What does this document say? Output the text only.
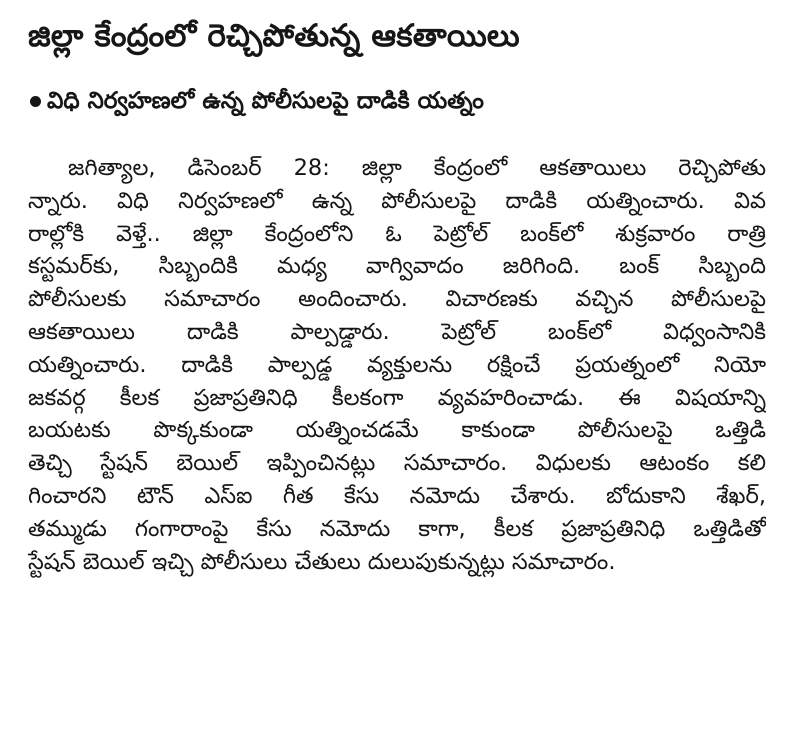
జిల్లా కేంద్రంలో రెచ్చిపోతున్న ఆకతాయిలు
విధి నిర్వహణలో ఉన్న పోలీసులపై దాడికి యత్నం
జగిత్యాల, డిసెంబర్ 28: జిల్లా కేంద్రంలో ఆకతాయిలు రెచ్చిపోతు
న్నారు. విధి నిర్వహణలో ఉన్న పోలీసులపై దాడికి యత్నించారు. వివ
రాల్లోకి వెళ్తే.. జిల్లా కేంద్రంలోని ఓ పెట్రోల్ బంక్‌లో శుక్రవారం రాత్రి
కస్టమర్‌కు, సిబ్బందికి మధ్య వాగ్వివాదం జరిగింది. బంక్ సిబ్బంది
పోలీసులకు సమాచారం అందించారు. విచారణకు వచ్చిన పోలీసులపై
ఆకతాయిలు దాడికి పాల్పడ్డారు. పెట్రోల్ బంక్‌లో విధ్వంసానికి
యత్నించారు. దాడికి పాల్పడ్డ వ్యక్తులను రక్షించే ప్రయత్నంలో నియో
జకవర్గ కీలక ప్రజాప్రతినిధి కీలకంగా వ్యవహరించాడు. ఈ విషయాన్ని
బయటకు పొక్కకుండా యత్నించడమే కాకుండా పోలీసులపై ఒత్తిడి
తెచ్చి స్టేషన్ బెయిల్ ఇప్పించినట్లు సమాచారం. విధులకు ఆటంకం కలి
గించారని టౌన్ ఎస్ఐ గీత కేసు నమోదు చేశారు. బోదుకాని శేఖర్,
తమ్ముడు గంగారాంపై కేసు నమోదు కాగా, కీలక ప్రజాప్రతినిధి ఒత్తిడితో
స్టేషన్ బెయిల్ ఇచ్చి పోలీసులు చేతులు దులుపుకున్నట్లు సమాచారం.
